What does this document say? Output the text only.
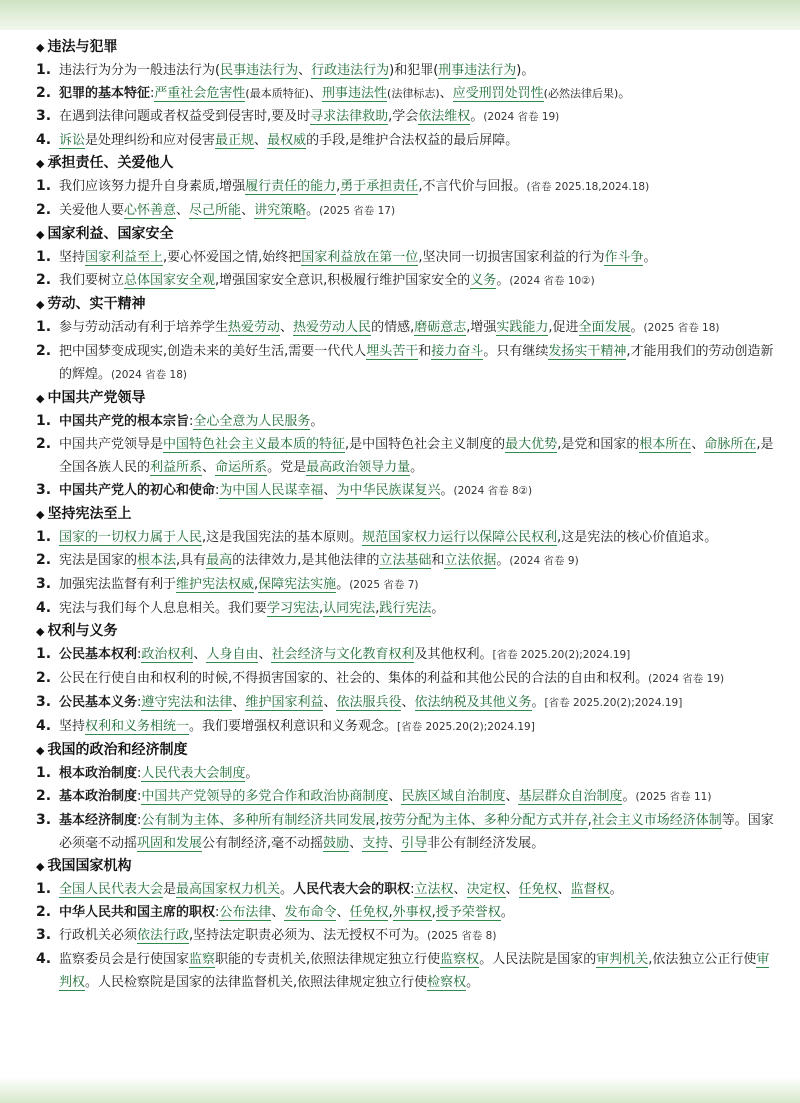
◆ 违法与犯罪
1. 违法行为分为一般违法行为(民事违法行为、行政违法行为)和犯罪(刑事违法行为)。
2. 犯罪的基本特征:严重社会危害性(最本质特征)、刑事违法性(法律标志)、应受刑罚处罚性(必然法律后果)。
3. 在遇到法律问题或者权益受到侵害时,要及时寻求法律救助,学会依法维权。(2024 省卷 19)
4. 诉讼是处理纠纷和应对侵害最正规、最权威的手段,是维护合法权益的最后屏障。
◆ 承担责任、关爱他人
1. 我们应该努力提升自身素质,增强履行责任的能力,勇于承担责任,不言代价与回报。(省卷 2025.18,2024.18)
2. 关爱他人要心怀善意、尽己所能、讲究策略。(2025 省卷 17)
◆ 国家利益、国家安全
1. 坚持国家利益至上,要心怀爱国之情,始终把国家利益放在第一位,坚决同一切损害国家利益的行为作斗争。
2. 我们要树立总体国家安全观,增强国家安全意识,积极履行维护国家安全的义务。(2024 省卷 10②)
◆ 劳动、实干精神
1. 参与劳动活动有利于培养学生热爱劳动、热爱劳动人民的情感,磨砺意志,增强实践能力,促进全面发展。(2025 省卷 18)
2. 把中国梦变成现实,创造未来的美好生活,需要一代代人埋头苦干和接力奋斗。只有继续发扬实干精神,才能用我们的劳动创造新的辉煌。(2024 省卷 18)
◆ 中国共产党领导
1. 中国共产党的根本宗旨:全心全意为人民服务。
2. 中国共产党领导是中国特色社会主义最本质的特征,是中国特色社会主义制度的最大优势,是党和国家的根本所在、命脉所在,是全国各族人民的利益所系、命运所系。党是最高政治领导力量。
3. 中国共产党人的初心和使命:为中国人民谋幸福、为中华民族谋复兴。(2024 省卷 8②)
◆ 坚持宪法至上
1. 国家的一切权力属于人民,这是我国宪法的基本原则。规范国家权力运行以保障公民权利,这是宪法的核心价值追求。
2. 宪法是国家的根本法,具有最高的法律效力,是其他法律的立法基础和立法依据。(2024 省卷 9)
3. 加强宪法监督有利于维护宪法权威,保障宪法实施。(2025 省卷 7)
4. 宪法与我们每个人息息相关。我们要学习宪法,认同宪法,践行宪法。
◆ 权利与义务
1. 公民基本权利:政治权利、人身自由、社会经济与文化教育权利及其他权利。[省卷 2025.20(2);2024.19]
2. 公民在行使自由和权利的时候,不得损害国家的、社会的、集体的利益和其他公民的合法的自由和权利。(2024 省卷 19)
3. 公民基本义务:遵守宪法和法律、维护国家利益、依法服兵役、依法纳税及其他义务。[省卷 2025.20(2);2024.19]
4. 坚持权利和义务相统一。我们要增强权利意识和义务观念。[省卷 2025.20(2);2024.19]
◆ 我国的政治和经济制度
1. 根本政治制度:人民代表大会制度。
2. 基本政治制度:中国共产党领导的多党合作和政治协商制度、民族区域自治制度、基层群众自治制度。(2025 省卷 11)
3. 基本经济制度:公有制为主体、多种所有制经济共同发展,按劳分配为主体、多种分配方式并存,社会主义市场经济体制等。国家必须毫不动摇巩固和发展公有制经济,毫不动摇鼓励、支持、引导非公有制经济发展。
◆ 我国国家机构
1. 全国人民代表大会是最高国家权力机关。人民代表大会的职权:立法权、决定权、任免权、监督权。
2. 中华人民共和国主席的职权:公布法律、发布命令、任免权,外事权,授予荣誉权。
3. 行政机关必须依法行政,坚持法定职责必须为、法无授权不可为。(2025 省卷 8)
4. 监察委员会是行使国家监察职能的专责机关,依照法律规定独立行使监察权。人民法院是国家的审判机关,依法独立公正行使审判权。人民检察院是国家的法律监督机关,依照法律规定独立行使检察权。
